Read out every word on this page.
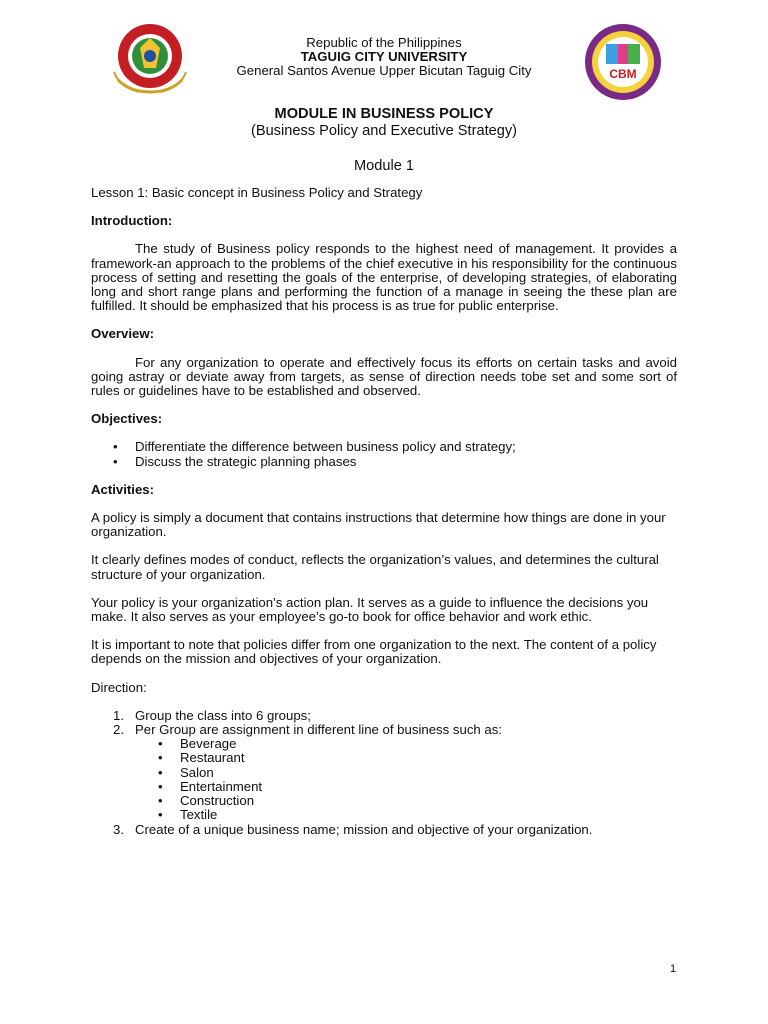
Republic of the Philippines
TAGUIG CITY UNIVERSITY
General Santos Avenue Upper Bicutan Taguig City	CBM
MODULE IN BUSINESS POLICY
(Business Policy and Executive Strategy)
Module 1

Lesson 1: Basic concept in Business Policy and Strategy

Introduction:

The study of Business policy responds to the highest need of management. It provides a framework-an approach to the problems of the chief executive in his responsibility for the continuous process of setting and resetting the goals of the enterprise, of developing strategies, of elaborating long and short range plans and performing the function of a manage in seeing the these plan are fulfilled. It should be emphasized that his process is as true for public enterprise.

Overview:

For any organization to operate and effectively focus its efforts on certain tasks and avoid going astray or deviate away from targets, as sense of direction needs tobe set and some sort of rules or guidelines have to be established and observed.

Objectives:

• Differentiate the difference between business policy and strategy;
• Discuss the strategic planning phases

Activities:

A policy is simply a document that contains instructions that determine how things are done in your organization.

It clearly defines modes of conduct, reflects the organization’s values, and determines the cultural structure of your organization.

Your policy is your organization’s action plan. It serves as a guide to influence the decisions you make. It also serves as your employee’s go-to book for office behavior and work ethic.

It is important to note that policies differ from one organization to the next. The content of a policy depends on the mission and objectives of your organization.

Direction:

1. Group the class into 6 groups;
2. Per Group are assignment in different line of business such as:
• Beverage
• Restaurant
• Salon
• Entertainment
• Construction
• Textile
3. Create of a unique business name; mission and objective of your organization.
1
